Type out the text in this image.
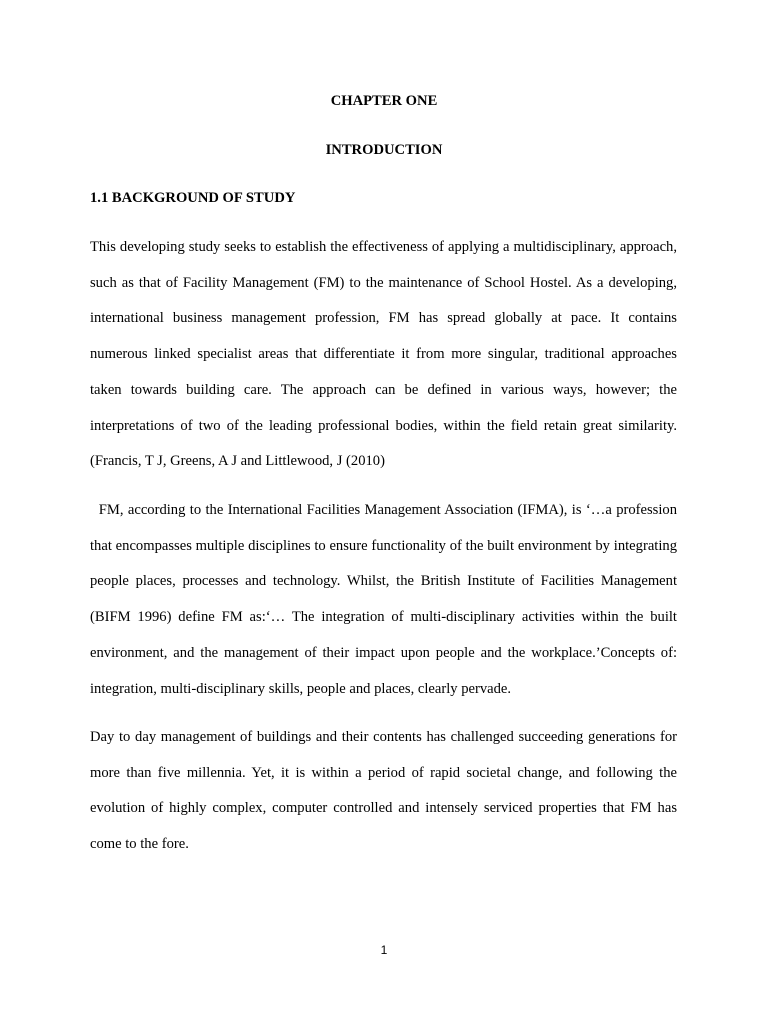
CHAPTER ONE
INTRODUCTION
1.1 BACKGROUND OF STUDY

This developing study seeks to establish the effectiveness of applying a multidisciplinary, approach, such as that of Facility Management (FM) to the maintenance of School Hostel. As a developing, international business management profession, FM has spread globally at pace. It contains numerous linked specialist areas that differentiate it from more singular, traditional approaches taken towards building care. The approach can be defined in various ways, however; the interpretations of two of the leading professional bodies, within the field retain great similarity. (Francis, T J, Greens, A J and Littlewood, J (2010)

FM, according to the International Facilities Management Association (IFMA), is ‘…a profession that encompasses multiple disciplines to ensure functionality of the built environment by integrating people places, processes and technology. Whilst, the British Institute of Facilities Management (BIFM 1996) define FM as:‘… The integration of multi-disciplinary activities within the built environment, and the management of their impact upon people and the workplace.’Concepts of: integration, multi-disciplinary skills, people and places, clearly pervade.

Day to day management of buildings and their contents has challenged succeeding generations for more than five millennia. Yet, it is within a period of rapid societal change, and following the evolution of highly complex, computer controlled and intensely serviced properties that FM has come to the fore.

1
